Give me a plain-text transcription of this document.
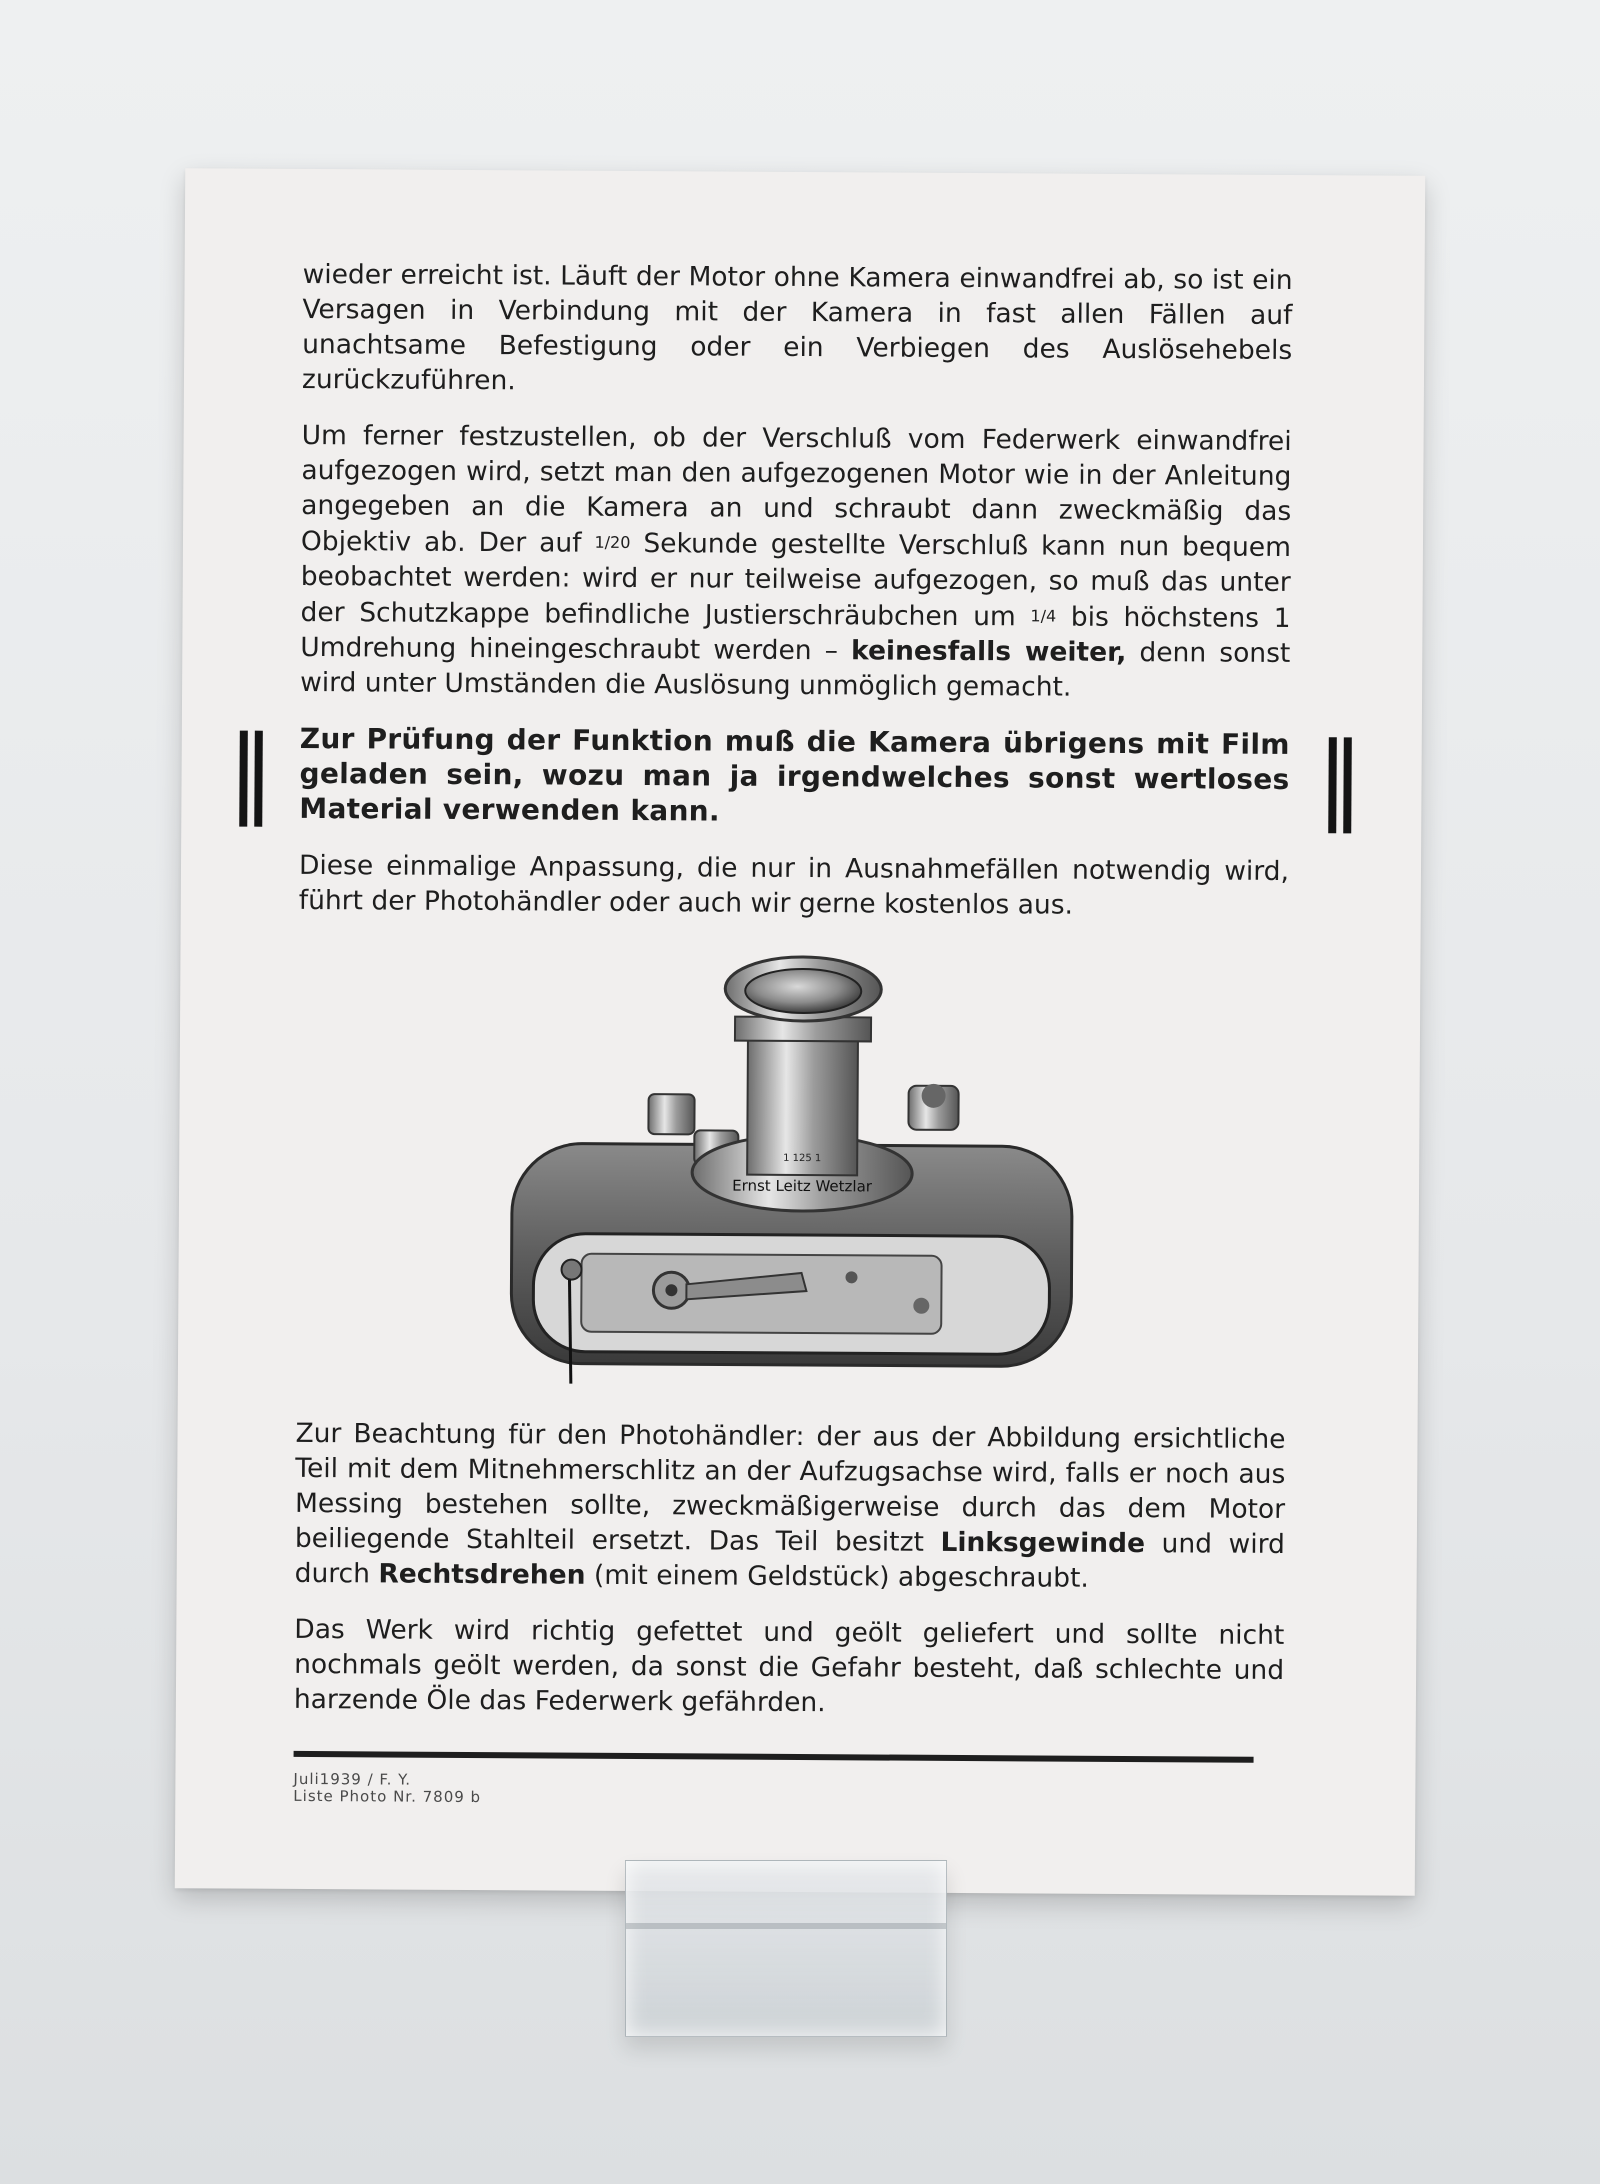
wieder erreicht ist. Läuft der Motor ohne Kamera einwandfrei ab, so ist ein Versagen in Verbindung mit der Kamera in fast allen Fällen auf unachtsame Befestigung oder ein Verbiegen des Auslösehebels zurückzuführen.

Um ferner festzustellen, ob der Verschluß vom Federwerk einwandfrei aufgezogen wird, setzt man den aufgezogenen Motor wie in der Anleitung angegeben an die Kamera an und schraubt dann zweckmäßig das Objektiv ab. Der auf 1/20 Sekunde gestellte Verschluß kann nun bequem beobachtet werden: wird er nur teilweise aufgezogen, so muß das unter der Schutzkappe befindliche Justierschräubchen um 1/4 bis höchstens 1 Umdrehung hineingeschraubt werden – keinesfalls weiter, denn sonst wird unter Umständen die Auslösung unmöglich gemacht.

Zur Prüfung der Funktion muß die Kamera übrigens mit Film geladen sein, wozu man ja irgendwelches sonst wertloses Material verwenden kann.

Diese einmalige Anpassung, die nur in Ausnahmefällen notwendig wird, führt der Photohändler oder auch wir gerne kostenlos aus.

1 125 1
Ernst Leitz Wetzlar

Zur Beachtung für den Photohändler: der aus der Abbildung ersichtliche Teil mit dem Mitnehmerschlitz an der Aufzugsachse wird, falls er noch aus Messing bestehen sollte, zweckmäßigerweise durch das dem Motor beiliegende Stahlteil ersetzt. Das Teil besitzt Linksgewinde und wird durch Rechtsdrehen (mit einem Geldstück) abgeschraubt.

Das Werk wird richtig gefettet und geölt geliefert und sollte nicht nochmals geölt werden, da sonst die Gefahr besteht, daß schlechte und harzende Öle das Federwerk gefährden.

Juli1939 / F. Y.
Liste Photo Nr. 7809 b
